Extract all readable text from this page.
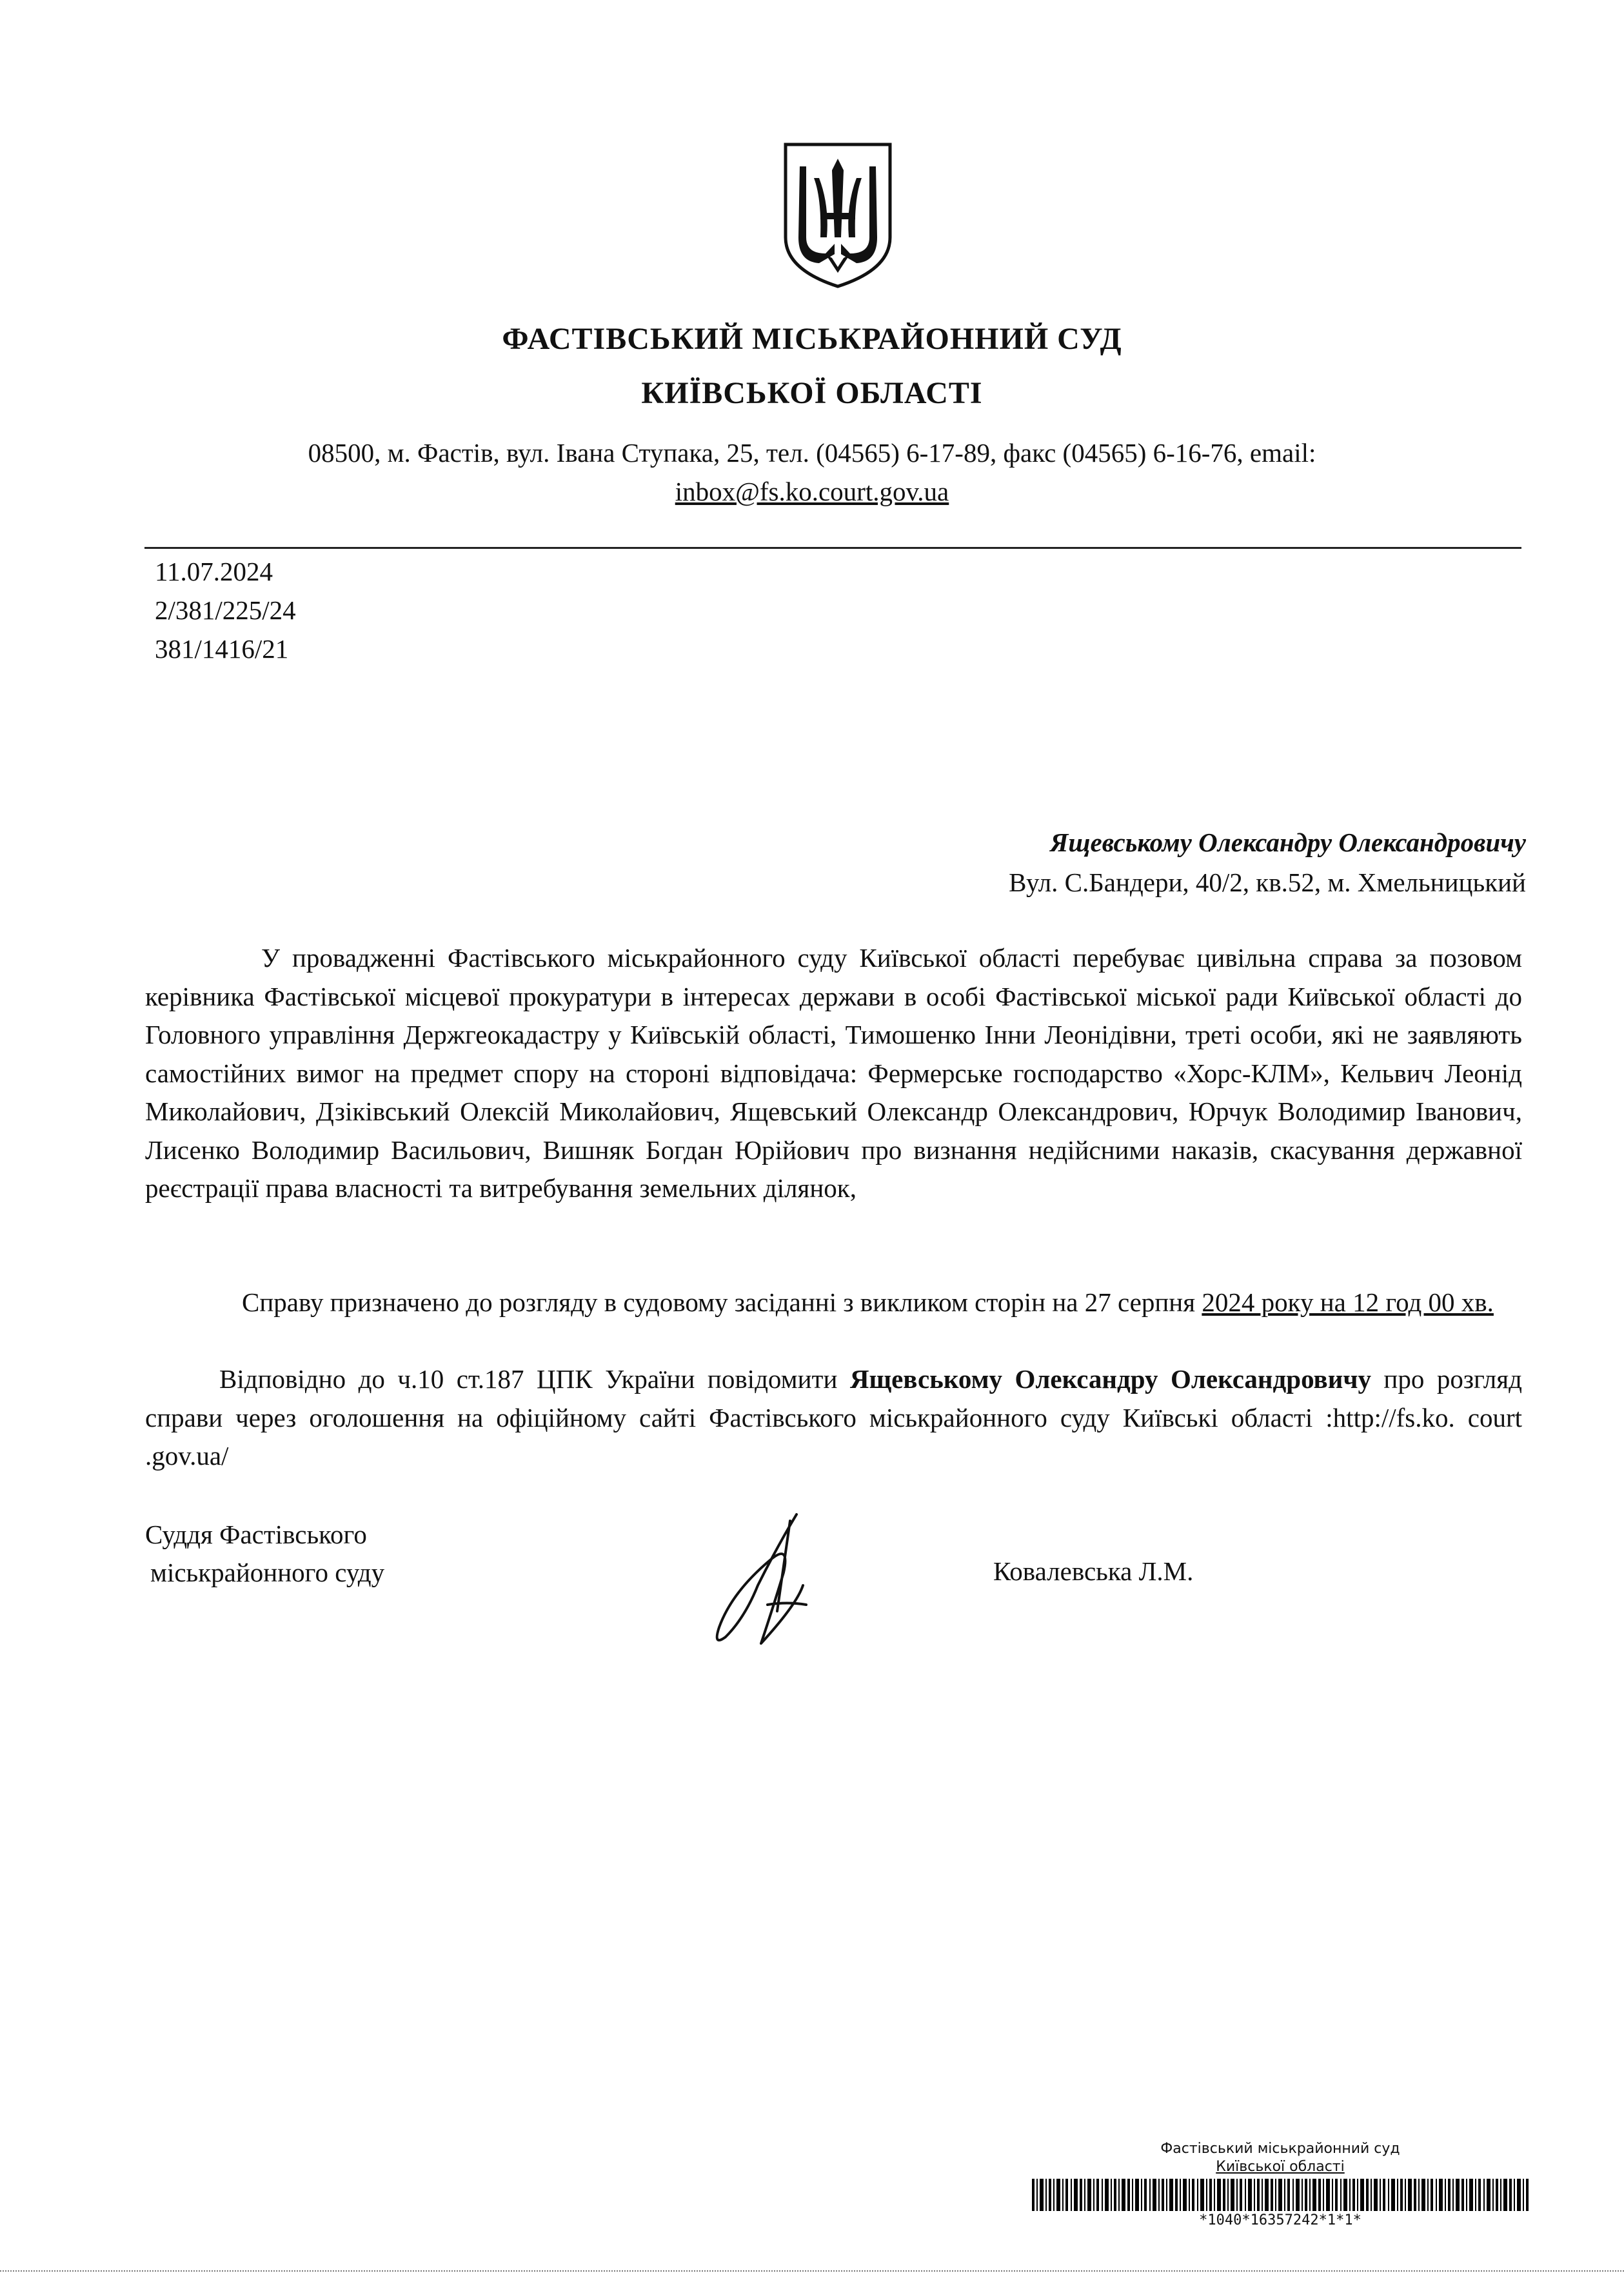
ФАСТІВСЬКИЙ МІСЬКРАЙОННИЙ СУД
КИЇВСЬКОЇ ОБЛАСТІ
08500, м. Фастів, вул. Івана Ступака, 25, тел. (04565) 6-17-89, факс (04565) 6-16-76, email:
inbox@fs.ko.court.gov.ua
11.07.2024
2/381/225/24
381/1416/21
Ящевському Олександру Олександровичу
Вул. С.Бандери, 40/2, кв.52, м. Хмельницький
У провадженні Фастівського міськрайонного суду Київської області перебуває цивільна справа за позовом керівника Фастівської місцевої прокуратури в інтересах держави в особі Фастівської міської ради Київської області до Головного управління Держгеокадастру у Київській області, Тимошенко Інни Леонідівни, треті особи, які не заявляють самостійних вимог на предмет спору на стороні відповідача: Фермерське господарство «Хорс-КЛМ», Кельвич Леонід Миколайович, Дзіківський Олексій Миколайович, Ящевський Олександр Олександрович, Юрчук Володимир Іванович, Лисенко Володимир Васильович, Вишняк Богдан Юрійович про визнання недійсними наказів, скасування державної реєстрації права власності та витребування земельних ділянок,
Справу призначено до розгляду в судовому засіданні з викликом сторін на 27 серпня 2024 року на 12 год 00 хв.
Відповідно до ч.10 ст.187 ЦПК України повідомити Ящевському Олександру Олександровичу про розгляд справи через оголошення на офіційному сайті Фастівського міськрайонного суду Київські області :http://fs.ko. court .gov.ua/
Суддя Фастівського
міськрайонного суду	Ковалевська Л.М.
Фастівський міськрайонний суд
Київської області
*1040*16357242*1*1*
